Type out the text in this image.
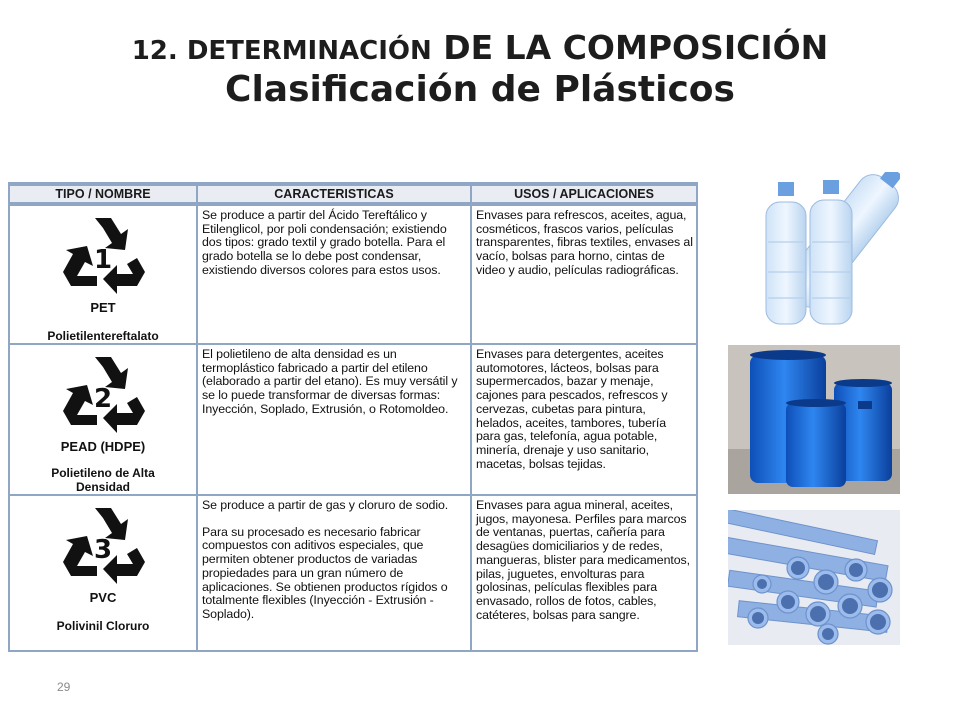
12. DETERMINACIÓN DE LA COMPOSICIÓN
Clasificación de Plásticos
TIPO / NOMBRE	CARACTERISTICAS	USOS / APLICACIONES
1
PET
Polietilentereftalato

Se produce a partir del Ácido Tereftálico y Etilenglicol, por poli condensación; existiendo dos tipos: grado textil y grado botella. Para el grado botella se lo debe post condensar, existiendo diversos colores para estos usos.

Envases para refrescos, aceites, agua, cosméticos, frascos varios, películas transparentes, fibras textiles, envases al vacío, bolsas para horno, cintas de video y audio, películas radiográficas.
2
PEAD (HDPE)
Polietileno de Alta Densidad

El polietileno de alta densidad es un termoplástico fabricado a partir del etileno (elaborado a partir del etano). Es muy versátil y se lo puede transformar de diversas formas: Inyección, Soplado, Extrusión, o Rotomoldeo.

Envases para detergentes, aceites automotores, lácteos, bolsas para supermercados, bazar y menaje, cajones para pescados, refrescos y cervezas, cubetas para pintura, helados, aceites, tambores, tubería para gas, telefonía, agua potable, minería, drenaje y uso sanitario, macetas, bolsas tejidas.
3
PVC
Polivinil Cloruro

Se produce a partir de gas y cloruro de sodio.

Para su procesado es necesario fabricar compuestos con aditivos especiales, que permiten obtener productos de variadas propiedades para un gran número de aplicaciones. Se obtienen productos rígidos o totalmente flexibles (Inyección - Extrusión - Soplado).

Envases para agua mineral, aceites, jugos, mayonesa. Perfiles para marcos de ventanas, puertas, cañería para desagües domiciliarios y de redes, mangueras, blister para medicamentos, pilas, juguetes, envolturas para golosinas, películas flexibles para envasado, rollos de fotos, cables, catéteres, bolsas para sangre.
29
